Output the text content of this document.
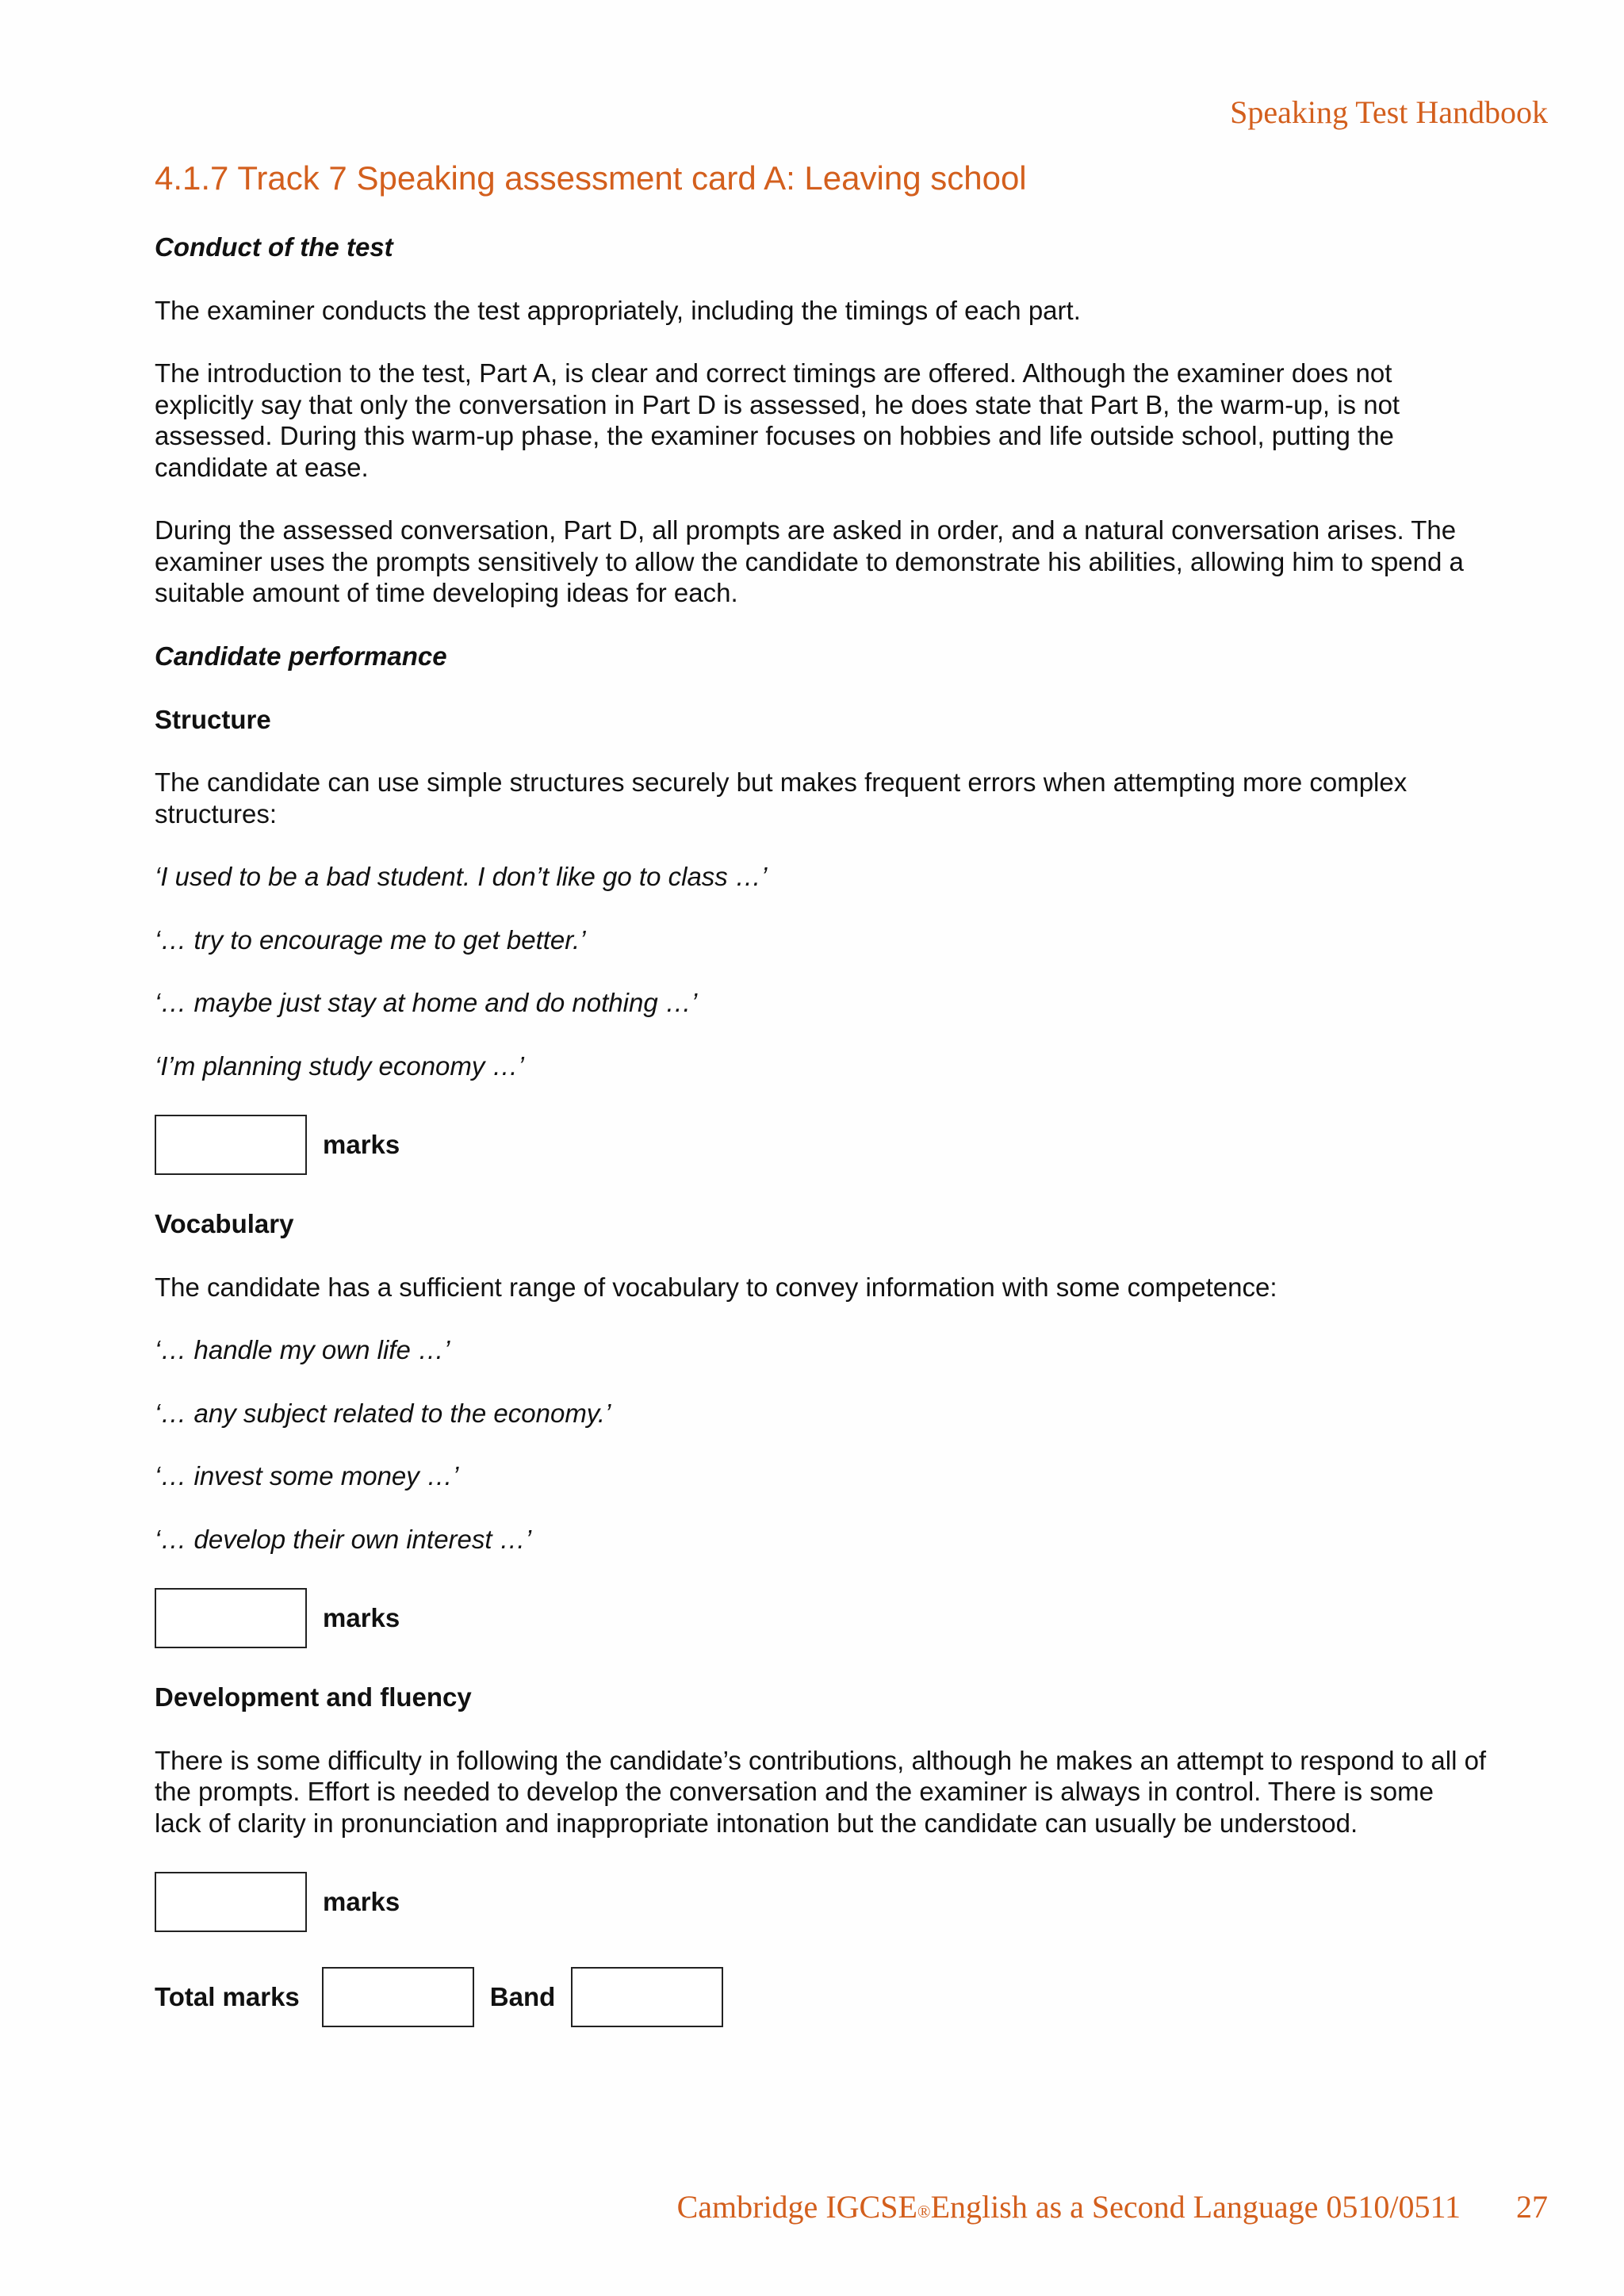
Speaking Test Handbook
4.1.7 Track 7 Speaking assessment card A: Leaving school
Conduct of the test

The examiner conducts the test appropriately, including the timings of each part.

The introduction to the test, Part A, is clear and correct timings are offered. Although the examiner does not explicitly say that only the conversation in Part D is assessed, he does state that Part B, the warm-up, is not assessed. During this warm-up phase, the examiner focuses on hobbies and life outside school, putting the candidate at ease.

During the assessed conversation, Part D, all prompts are asked in order, and a natural conversation arises. The examiner uses the prompts sensitively to allow the candidate to demonstrate his abilities, allowing him to spend a suitable amount of time developing ideas for each.

Candidate performance
Structure

The candidate can use simple structures securely but makes frequent errors when attempting more complex structures:

‘I used to be a bad student. I don’t like go to class …’

‘… try to encourage me to get better.’

‘… maybe just stay at home and do nothing …’

‘I’m planning study economy …’

marks
Vocabulary

The candidate has a sufficient range of vocabulary to convey information with some competence:

‘… handle my own life …’

‘… any subject related to the economy.’

‘… invest some money …’

‘… develop their own interest …’

marks
Development and fluency

There is some difficulty in following the candidate’s contributions, although he makes an attempt to respond to all of the prompts. Effort is needed to develop the conversation and the examiner is always in control. There is some lack of clarity in pronunciation and inappropriate intonation but the candidate can usually be understood.

marks
Total marks	Band
Cambridge IGCSE ® English as a Second Language 0510/0511 27
